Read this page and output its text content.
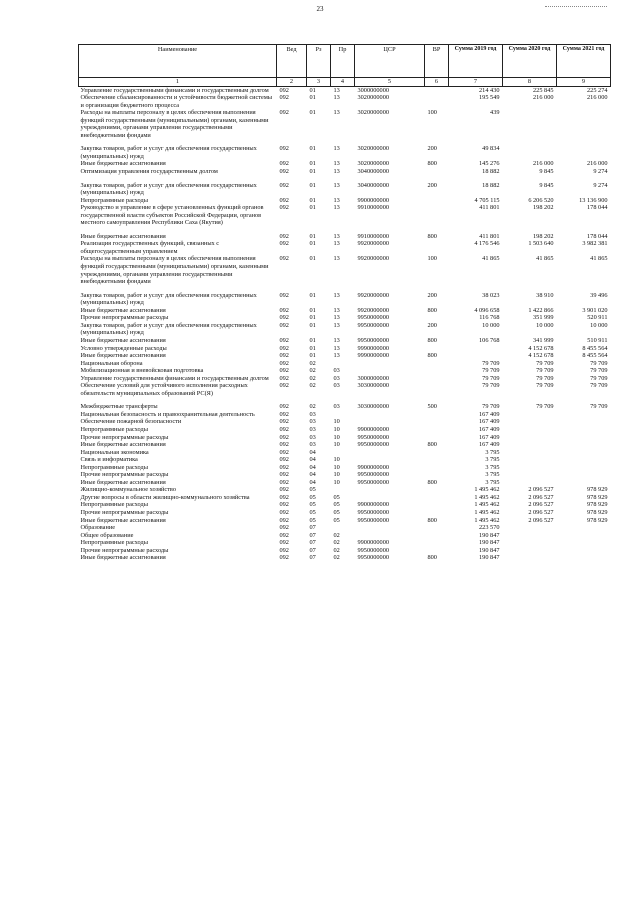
23
Наименование	Вед	Рз	Пр	ЦСР	ВР	Сумма 2019 год	Сумма 2020 год	Сумма 2021 год
1	2	3	4	5	6	7	8	9
Управление государственными финансами и государственным долгом	092	01	13	3000000000		214 430	225 845	225 274
Обеспечение сбалансированности и устойчивости бюджетной системы и организация бюджетного процесса	092	01	13	3020000000		195 549	216 000	216 000
Расходы на выплаты персоналу в целях обеспечения выполнения функций государственными (муниципальными) органами, казенными учреждениями, органами управления государственными внебюджетными фондами	092	01	13	3020000000	100	439		
Закупка товаров, работ и услуг для обеспечения государственных (муниципальных) нужд	092	01	13	3020000000	200	49 834		
Иные бюджетные ассигнования	092	01	13	3020000000	800	145 276	216 000	216 000
Оптимизация управления государственным долгом	092	01	13	3040000000		18 882	9 845	9 274
Закупка товаров, работ и услуг для обеспечения государственных (муниципальных) нужд	092	01	13	3040000000	200	18 882	9 845	9 274
Непрограммные расходы	092	01	13	9900000000		4 705 115	6 206 520	13 136 900
Руководство и управление в сфере установленных функций органов государственной власти субъектов Российской Федерации, органов местного самоуправления Республики Саха (Якутия)	092	01	13	9910000000		411 801	198 202	178 044
Иные бюджетные ассигнования	092	01	13	9910000000	800	411 801	198 202	178 044
Реализация государственных функций, связанных с общегосударственным управлением	092	01	13	9920000000		4 176 546	1 503 640	3 982 381
Расходы на выплаты персоналу в целях обеспечения выполнения функций государственными (муниципальными) органами, казенными учреждениями, органами управления государственными внебюджетными фондами	092	01	13	9920000000	100	41 865	41 865	41 865
Закупка товаров, работ и услуг для обеспечения государственных (муниципальных) нужд	092	01	13	9920000000	200	38 023	38 910	39 496
Иные бюджетные ассигнования	092	01	13	9920000000	800	4 096 658	1 422 866	3 901 020
Прочие непрограммные расходы	092	01	13	9950000000		116 768	351 999	520 911
Закупка товаров, работ и услуг для обеспечения государственных (муниципальных) нужд	092	01	13	9950000000	200	10 000	10 000	10 000
Иные бюджетные ассигнования	092	01	13	9950000000	800	106 768	341 999	510 911
Условно утвержденные расходы	092	01	13	9990000000			4 152 678	8 455 564
Иные бюджетные ассигнования	092	01	13	9990000000	800		4 152 678	8 455 564
Национальная оборона	092	02				79 709	79 709	79 709
Мобилизационная и вневойсковая подготовка	092	02	03			79 709	79 709	79 709
Управление государственными финансами и государственным долгом	092	02	03	3000000000		79 709	79 709	79 709
Обеспечение условий для устойчивого исполнения расходных обязательств муниципальных образований РС(Я)	092	02	03	3030000000		79 709	79 709	79 709
Межбюджетные трансферты	092	02	03	3030000000	500	79 709	79 709	79 709
Национальная безопасность и правоохранительная деятельность	092	03				167 409		
Обеспечение пожарной безопасности	092	03	10			167 409		
Непрограммные расходы	092	03	10	9900000000		167 409		
Прочие непрограммные расходы	092	03	10	9950000000		167 409		
Иные бюджетные ассигнования	092	03	10	9950000000	800	167 409		
Национальная экономика	092	04				3 795		
Связь и информатика	092	04	10			3 795		
Непрограммные расходы	092	04	10	9900000000		3 795		
Прочие непрограммные расходы	092	04	10	9950000000		3 795		
Иные бюджетные ассигнования	092	04	10	9950000000	800	3 795		
Жилищно-коммунальное хозяйство	092	05				1 495 462	2 096 527	978 929
Другие вопросы в области жилищно-коммунального хозяйства	092	05	05			1 495 462	2 096 527	978 929
Непрограммные расходы	092	05	05	9900000000		1 495 462	2 096 527	978 929
Прочие непрограммные расходы	092	05	05	9950000000		1 495 462	2 096 527	978 929
Иные бюджетные ассигнования	092	05	05	9950000000	800	1 495 462	2 096 527	978 929
Образование	092	07				223 570		
Общее образование	092	07	02			190 847		
Непрограммные расходы	092	07	02	9900000000		190 847		
Прочие непрограммные расходы	092	07	02	9950000000		190 847		
Иные бюджетные ассигнования	092	07	02	9950000000	800	190 847		
